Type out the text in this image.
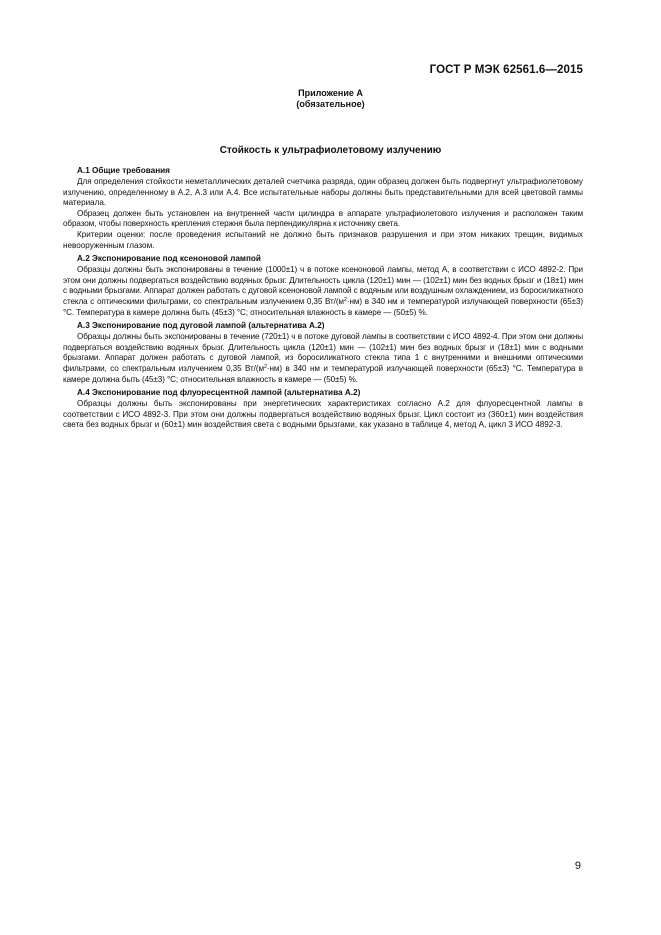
ГОСТ Р МЭК 62561.6—2015
Приложение А
(обязательное)
Стойкость к ультрафиолетовому излучению
А.1 Общие требования

Для определения стойкости неметаллических деталей счетчика разряда, один образец должен быть подвергнут ультрафиолетовому излучению, определенному в А.2, А.3 или А.4. Все испытательные наборы должны быть представительными для всей цветовой гаммы материала.

Образец должен быть установлен на внутренней части цилиндра в аппарате ультрафиолетового излучения и расположен таким образом, чтобы поверхность крепления стержня была перпендикулярна к источнику света.

Критерии оценки: после проведения испытаний не должно быть признаков разрушения и при этом никаких трещин, видимых невооруженным глазом.

А.2 Экспонирование под ксеноновой лампой

Образцы должны быть экспонированы в течение (1000±1) ч в потоке ксеноновой лампы, метод А, в соответствии с ИСО 4892-2. При этом они должны подвергаться воздействию водяных брызг. Длительность цикла (120±1) мин — (102±1) мин без водных брызг и (18±1) мин с водными брызгами. Аппарат должен работать с дуговой ксеноновой лампой с водяным или воздушным охлаждением, из боросиликатного стекла с оптическими фильтрами, со спектральным излучением 0,35 $Вт/(м^2\cdot нм)$ в 340 нм и температурой излучающей поверхности (65±3) °С. Температура в камере должна быть (45±3) °С; относительная влажность в камере — (50±5) %.

А.3 Экспонирование под дуговой лампой (альтернатива А.2)

Образцы должны быть экспонированы в течение (720±1) ч в потоке дуговой лампы в соответствии с ИСО 4892-4. При этом они должны подвергаться воздействию водяных брызг. Длительность цикла (120±1) мин — (102±1) мин без водных брызг и (18±1) мин с водными брызгами. Аппарат должен работать с дуговой лампой, из боросиликатного стекла типа 1 с внутренними и внешними оптическими фильтрами, со спектральным излучением 0,35 $Вт/(м^2\cdot нм)$ в 340 нм и температурой излучающей поверхности (65±3) °С. Температура в камере должна быть (45±3) °С; относительная влажность в камере — (50±5) %.

А.4 Экспонирование под флуоресцентной лампой (альтернатива А.2)

Образцы должны быть экспонированы при энергетических характеристиках согласно А.2 для флуоресцентной лампы в соответствии с ИСО 4892-3. При этом они должны подвергаться воздействию водяных брызг. Цикл состоит из (360±1) мин воздействия света без водных брызг и (60±1) мин воздействия света с водными брызгами, как указано в таблице 4, метод А, цикл 3 ИСО 4892-3.

9
